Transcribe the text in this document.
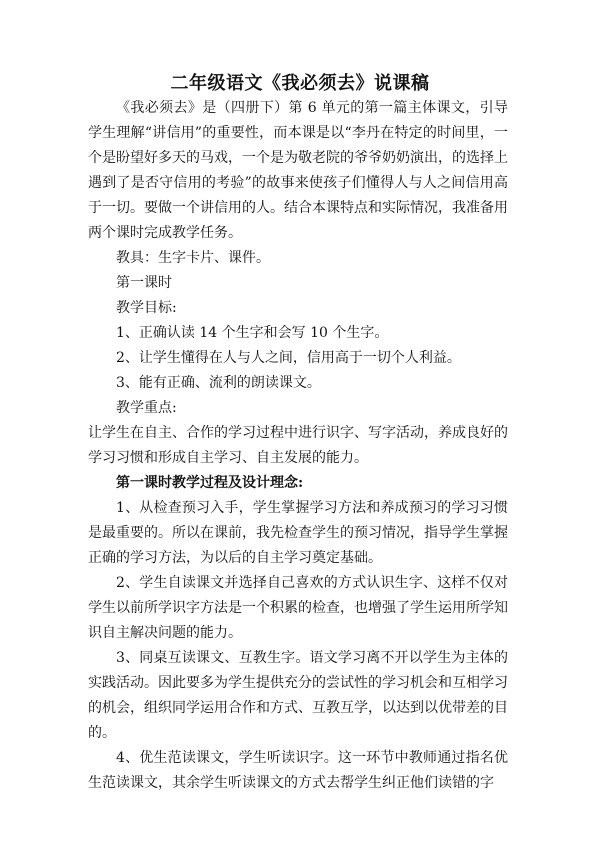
二年级语文《我必须去》说课稿

《我必须去》是（四册下）第 6 单元的第一篇主体课文，引导学生理解“讲信用”的重要性，而本课是以“李丹在特定的时间里，一个是盼望好多天的马戏，一个是为敬老院的爷爷奶奶演出，的选择上遇到了是否守信用的考验”的故事来使孩子们懂得人与人之间信用高于一切。要做一个讲信用的人。结合本课特点和实际情况，我准备用两个课时完成教学任务。

教具：生字卡片、课件。

第一课时

教学目标:

1、正确认读 14 个生字和会写 10 个生字。

2、让学生懂得在人与人之间，信用高于一切个人利益。

3、能有正确、流利的朗读课文。

教学重点:

让学生在自主、合作的学习过程中进行识字、写字活动，养成良好的学习习惯和形成自主学习、自主发展的能力。

第一课时教学过程及设计理念:

1、从检查预习入手，学生掌握学习方法和养成预习的学习习惯是最重要的。所以在课前，我先检查学生的预习情况，指导学生掌握正确的学习方法，为以后的自主学习奠定基础。

2、学生自读课文并选择自己喜欢的方式认识生字、这样不仅对学生以前所学识字方法是一个积累的检查，也增强了学生运用所学知识自主解决问题的能力。

3、同桌互读课文、互教生字。语文学习离不开以学生为主体的实践活动。因此要多为学生提供充分的尝试性的学习机会和互相学习的机会，组织同学运用合作和方式、互教互学，以达到以优带差的目的。

4、优生范读课文，学生听读识字。这一环节中教师通过指名优生范读课文，其余学生听读课文的方式去帮学生纠正他们读错的字
